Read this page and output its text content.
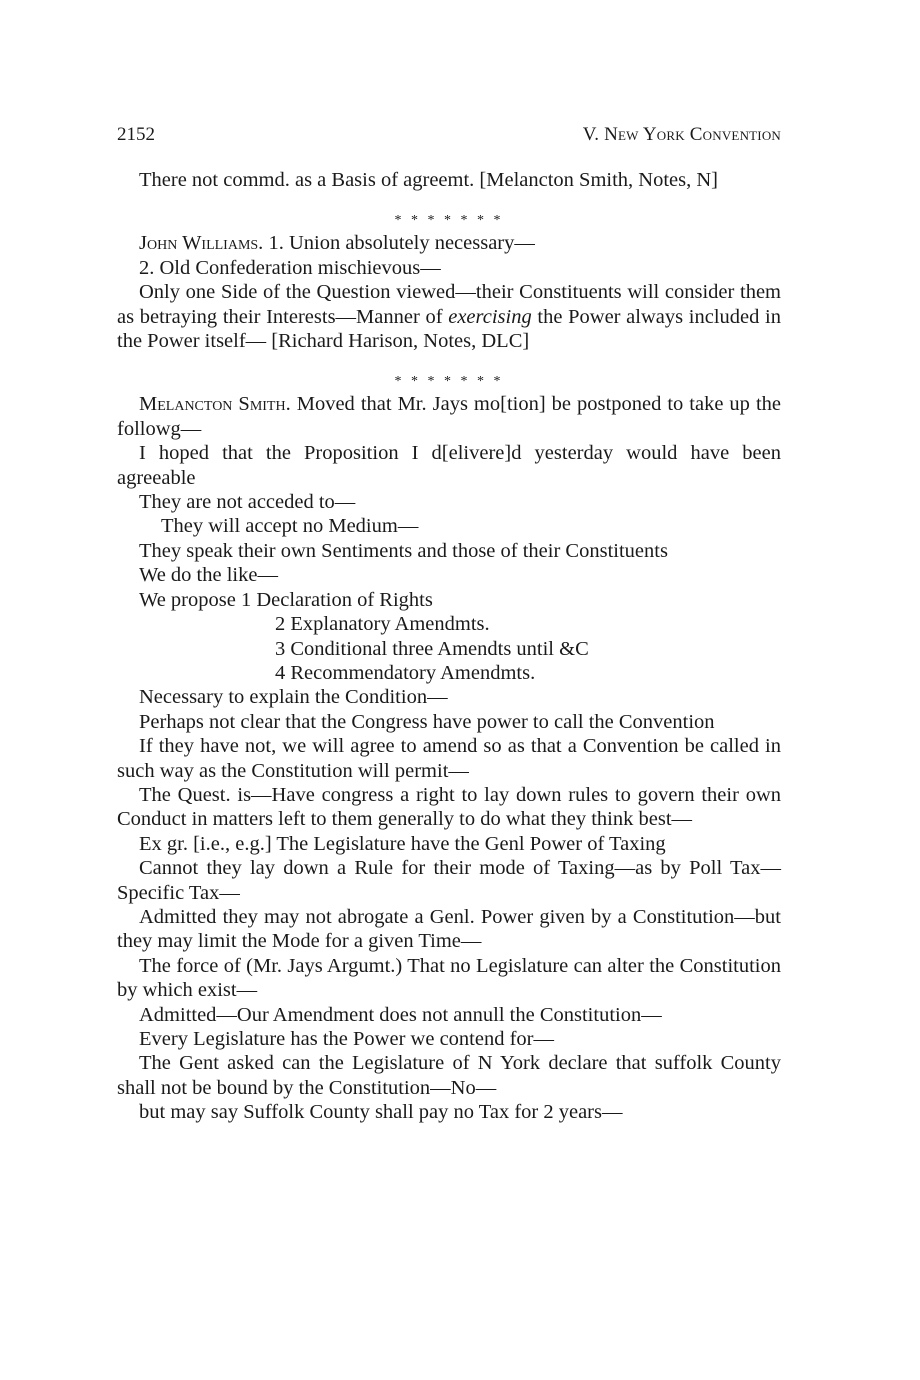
2152	V. New York Convention
There not commd. as a Basis of agreemt. [Melancton Smith, Notes, N]
* * * * * * *
John Williams. 1. Union absolutely necessary—
2. Old Confederation mischievous—
Only one Side of the Question viewed—their Constituents will consider them as betraying their Interests—Manner of exercising the Power always included in the Power itself— [Richard Harison, Notes, DLC]
* * * * * * *
Melancton Smith. Moved that Mr. Jays mo[tion] be postponed to take up the followg—
I hoped that the Proposition I d[elivere]d yesterday would have been agreeable
They are not acceded to—
They will accept no Medium—
They speak their own Sentiments and those of their Constituents
We do the like—
We propose 1 Declaration of Rights
2 Explanatory Amendmts.
3 Conditional three Amendts until &C
4 Recommendatory Amendmts.
Necessary to explain the Condition—
Perhaps not clear that the Congress have power to call the Convention
If they have not, we will agree to amend so as that a Convention be called in such way as the Constitution will permit—
The Quest. is—Have congress a right to lay down rules to govern their own Conduct in matters left to them generally to do what they think best—
Ex gr. [i.e., e.g.] The Legislature have the Genl Power of Taxing
Cannot they lay down a Rule for their mode of Taxing—as by Poll Tax—Specific Tax—
Admitted they may not abrogate a Genl. Power given by a Constitution—but they may limit the Mode for a given Time—
The force of (Mr. Jays Argumt.) That no Legislature can alter the Constitution by which exist—
Admitted—Our Amendment does not annull the Constitution—
Every Legislature has the Power we contend for—
The Gent asked can the Legislature of N York declare that suffolk County shall not be bound by the Constitution—No—
but may say Suffolk County shall pay no Tax for 2 years—
